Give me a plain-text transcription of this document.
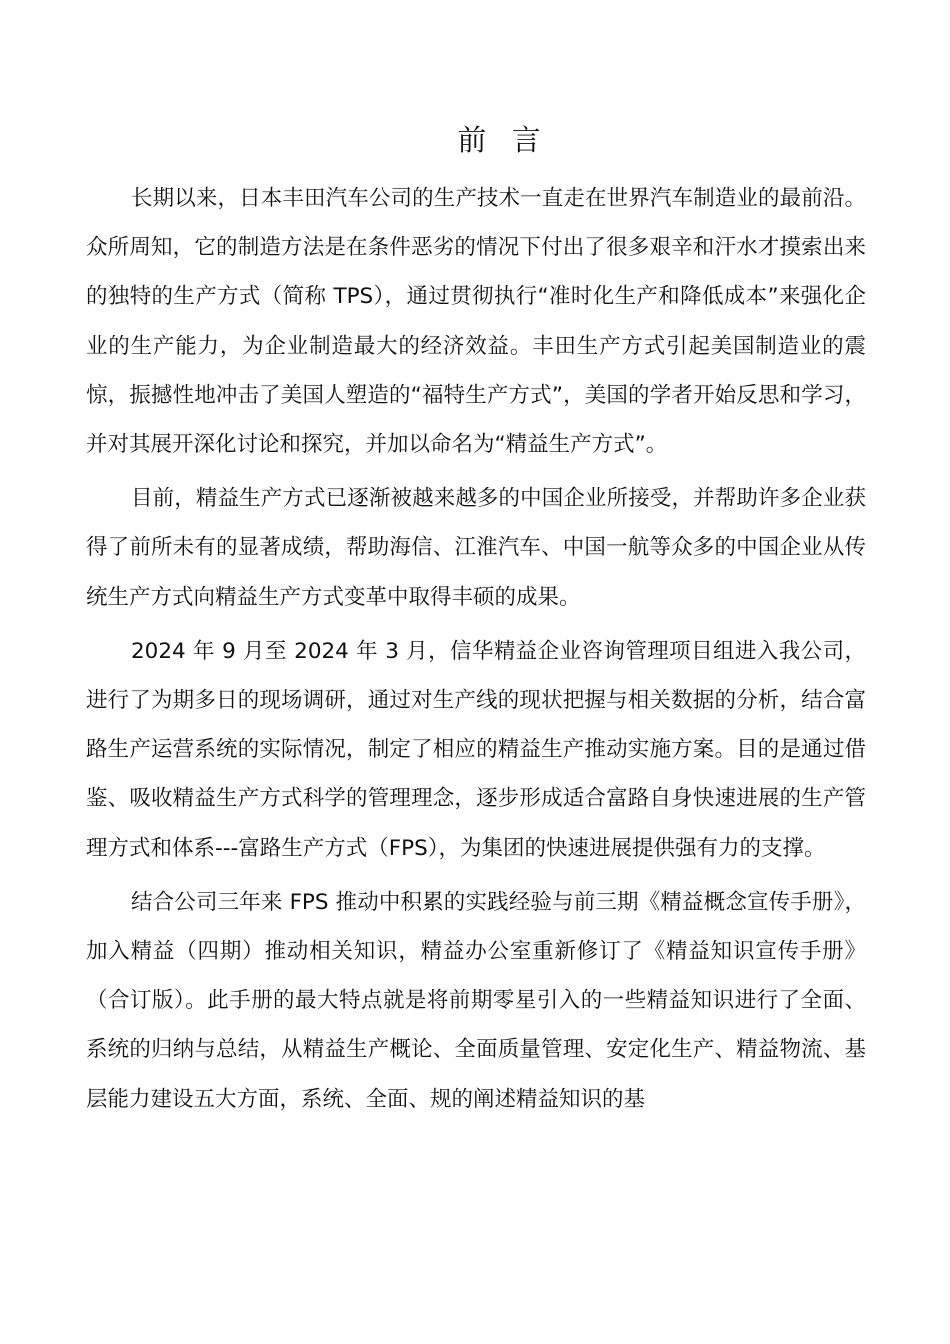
前 言

长期以来，日本丰田汽车公司的生产技术一直走在世界汽车制造业的最前沿。众所周知，它的制造方法是在条件恶劣的情况下付出了很多艰辛和汗水才摸索出来的独特的生产方式（简称 TPS），通过贯彻执行“准时化生产和降低成本”来强化企业的生产能力，为企业制造最大的经济效益。丰田生产方式引起美国制造业的震惊，振撼性地冲击了美国人塑造的“福特生产方式”，美国的学者开始反思和学习，并对其展开深化讨论和探究，并加以命名为“精益生产方式”。

目前，精益生产方式已逐渐被越来越多的中国企业所接受，并帮助许多企业获得了前所未有的显著成绩，帮助海信、江淮汽车、中国一航等众多的中国企业从传统生产方式向精益生产方式变革中取得丰硕的成果。

2024 年 9 月至 2024 年 3 月，信华精益企业咨询管理项目组进入我公司，进行了为期多日的现场调研，通过对生产线的现状把握与相关数据的分析，结合富路生产运营系统的实际情况，制定了相应的精益生产推动实施方案。目的是通过借鉴、吸收精益生产方式科学的管理理念，逐步形成适合富路自身快速进展的生产管理方式和体系---富路生产方式（FPS），为集团的快速进展提供强有力的支撑。

结合公司三年来 FPS 推动中积累的实践经验与前三期《精益概念宣传手册》，加入精益（四期）推动相关知识，精益办公室重新修订了《精益知识宣传手册》（合订版）。此手册的最大特点就是将前期零星引入的一些精益知识进行了全面、系统的归纳与总结，从精益生产概论、全面质量管理、安定化生产、精益物流、基层能力建设五大方面，系统、全面、规的阐述精益知识的基
